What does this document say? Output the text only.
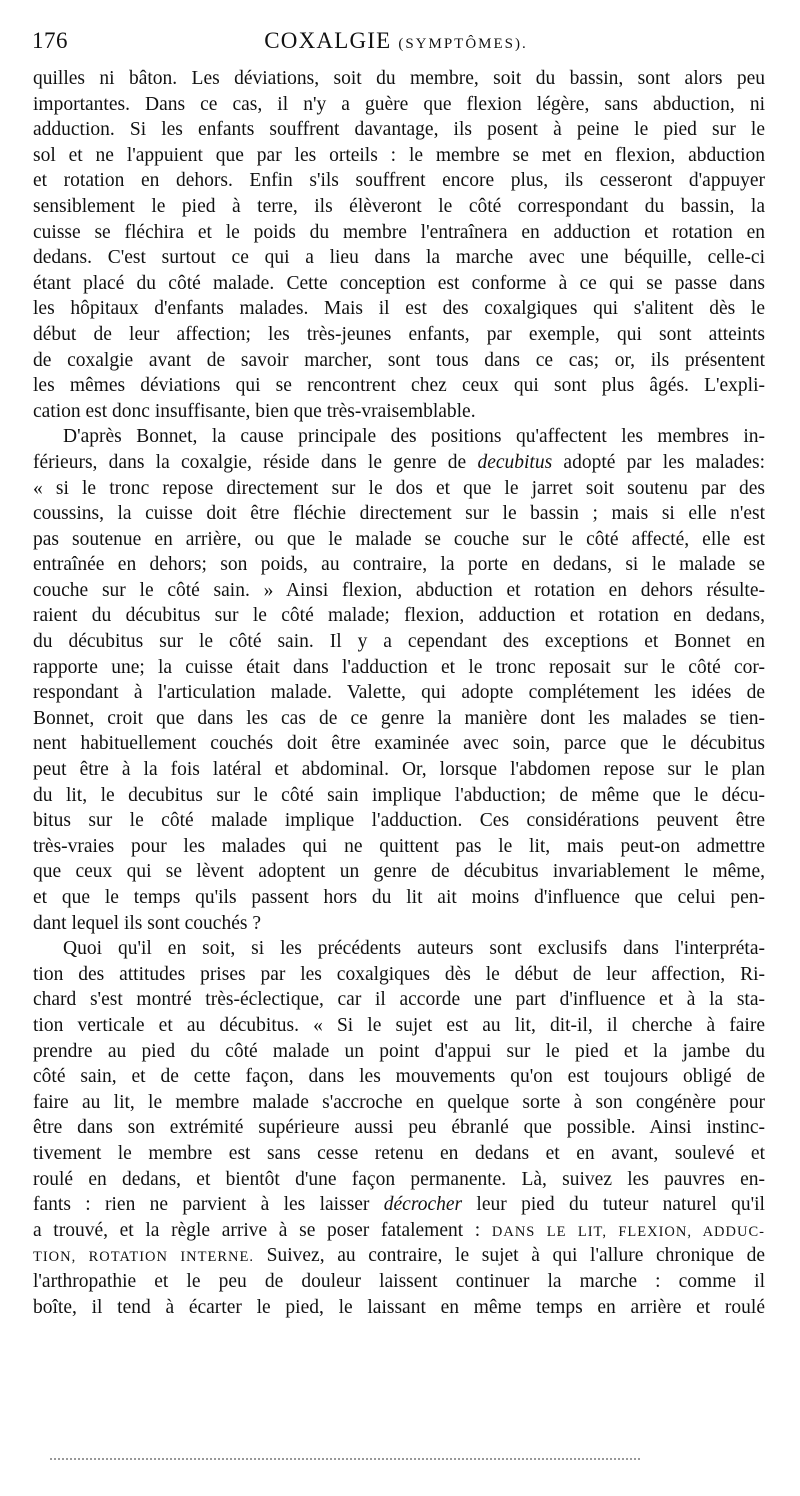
176	COXALGIE (SYMPTÔMES).
quilles ni bâton. Les déviations, soit du membre, soit du bassin, sont alors peu
importantes. Dans ce cas, il n'y a guère que flexion légère, sans abduction, ni
adduction. Si les enfants souffrent davantage, ils posent à peine le pied sur le
sol et ne l'appuient que par les orteils : le membre se met en flexion, abduction
et rotation en dehors. Enfin s'ils souffrent encore plus, ils cesseront d'appuyer
sensiblement le pied à terre, ils élèveront le côté correspondant du bassin, la
cuisse se fléchira et le poids du membre l'entraînera en adduction et rotation en
dedans. C'est surtout ce qui a lieu dans la marche avec une béquille, celle-ci
étant placé du côté malade. Cette conception est conforme à ce qui se passe dans
les hôpitaux d'enfants malades. Mais il est des coxalgiques qui s'alitent dès le
début de leur affection; les très-jeunes enfants, par exemple, qui sont atteints
de coxalgie avant de savoir marcher, sont tous dans ce cas; or, ils présentent
les mêmes déviations qui se rencontrent chez ceux qui sont plus âgés. L'expli-
cation est donc insuffisante, bien que très-vraisemblable.
D'après Bonnet, la cause principale des positions qu'affectent les membres in-
férieurs, dans la coxalgie, réside dans le genre de decubitus adopté par les malades:
« si le tronc repose directement sur le dos et que le jarret soit soutenu par des
coussins, la cuisse doit être fléchie directement sur le bassin ; mais si elle n'est
pas soutenue en arrière, ou que le malade se couche sur le côté affecté, elle est
entraînée en dehors; son poids, au contraire, la porte en dedans, si le malade se
couche sur le côté sain. » Ainsi flexion, abduction et rotation en dehors résulte-
raient du décubitus sur le côté malade; flexion, adduction et rotation en dedans,
du décubitus sur le côté sain. Il y a cependant des exceptions et Bonnet en
rapporte une; la cuisse était dans l'adduction et le tronc reposait sur le côté cor-
respondant à l'articulation malade. Valette, qui adopte complétement les idées de
Bonnet, croit que dans les cas de ce genre la manière dont les malades se tien-
nent habituellement couchés doit être examinée avec soin, parce que le décubitus
peut être à la fois latéral et abdominal. Or, lorsque l'abdomen repose sur le plan
du lit, le decubitus sur le côté sain implique l'abduction; de même que le décu-
bitus sur le côté malade implique l'adduction. Ces considérations peuvent être
très-vraies pour les malades qui ne quittent pas le lit, mais peut-on admettre
que ceux qui se lèvent adoptent un genre de décubitus invariablement le même,
et que le temps qu'ils passent hors du lit ait moins d'influence que celui pen-
dant lequel ils sont couchés ?
Quoi qu'il en soit, si les précédents auteurs sont exclusifs dans l'interpréta-
tion des attitudes prises par les coxalgiques dès le début de leur affection, Ri-
chard s'est montré très-éclectique, car il accorde une part d'influence et à la sta-
tion verticale et au décubitus. « Si le sujet est au lit, dit-il, il cherche à faire
prendre au pied du côté malade un point d'appui sur le pied et la jambe du
côté sain, et de cette façon, dans les mouvements qu'on est toujours obligé de
faire au lit, le membre malade s'accroche en quelque sorte à son congénère pour
être dans son extrémité supérieure aussi peu ébranlé que possible. Ainsi instinc-
tivement le membre est sans cesse retenu en dedans et en avant, soulevé et
roulé en dedans, et bientôt d'une façon permanente. Là, suivez les pauvres en-
fants : rien ne parvient à les laisser décrocher leur pied du tuteur naturel qu'il
a trouvé, et la règle arrive à se poser fatalement : DANS LE LIT, FLEXION, ADDUC-
TION, ROTATION INTERNE. Suivez, au contraire, le sujet à qui l'allure chronique de
l'arthropathie et le peu de douleur laissent continuer la marche : comme il
boîte, il tend à écarter le pied, le laissant en même temps en arrière et roulé
